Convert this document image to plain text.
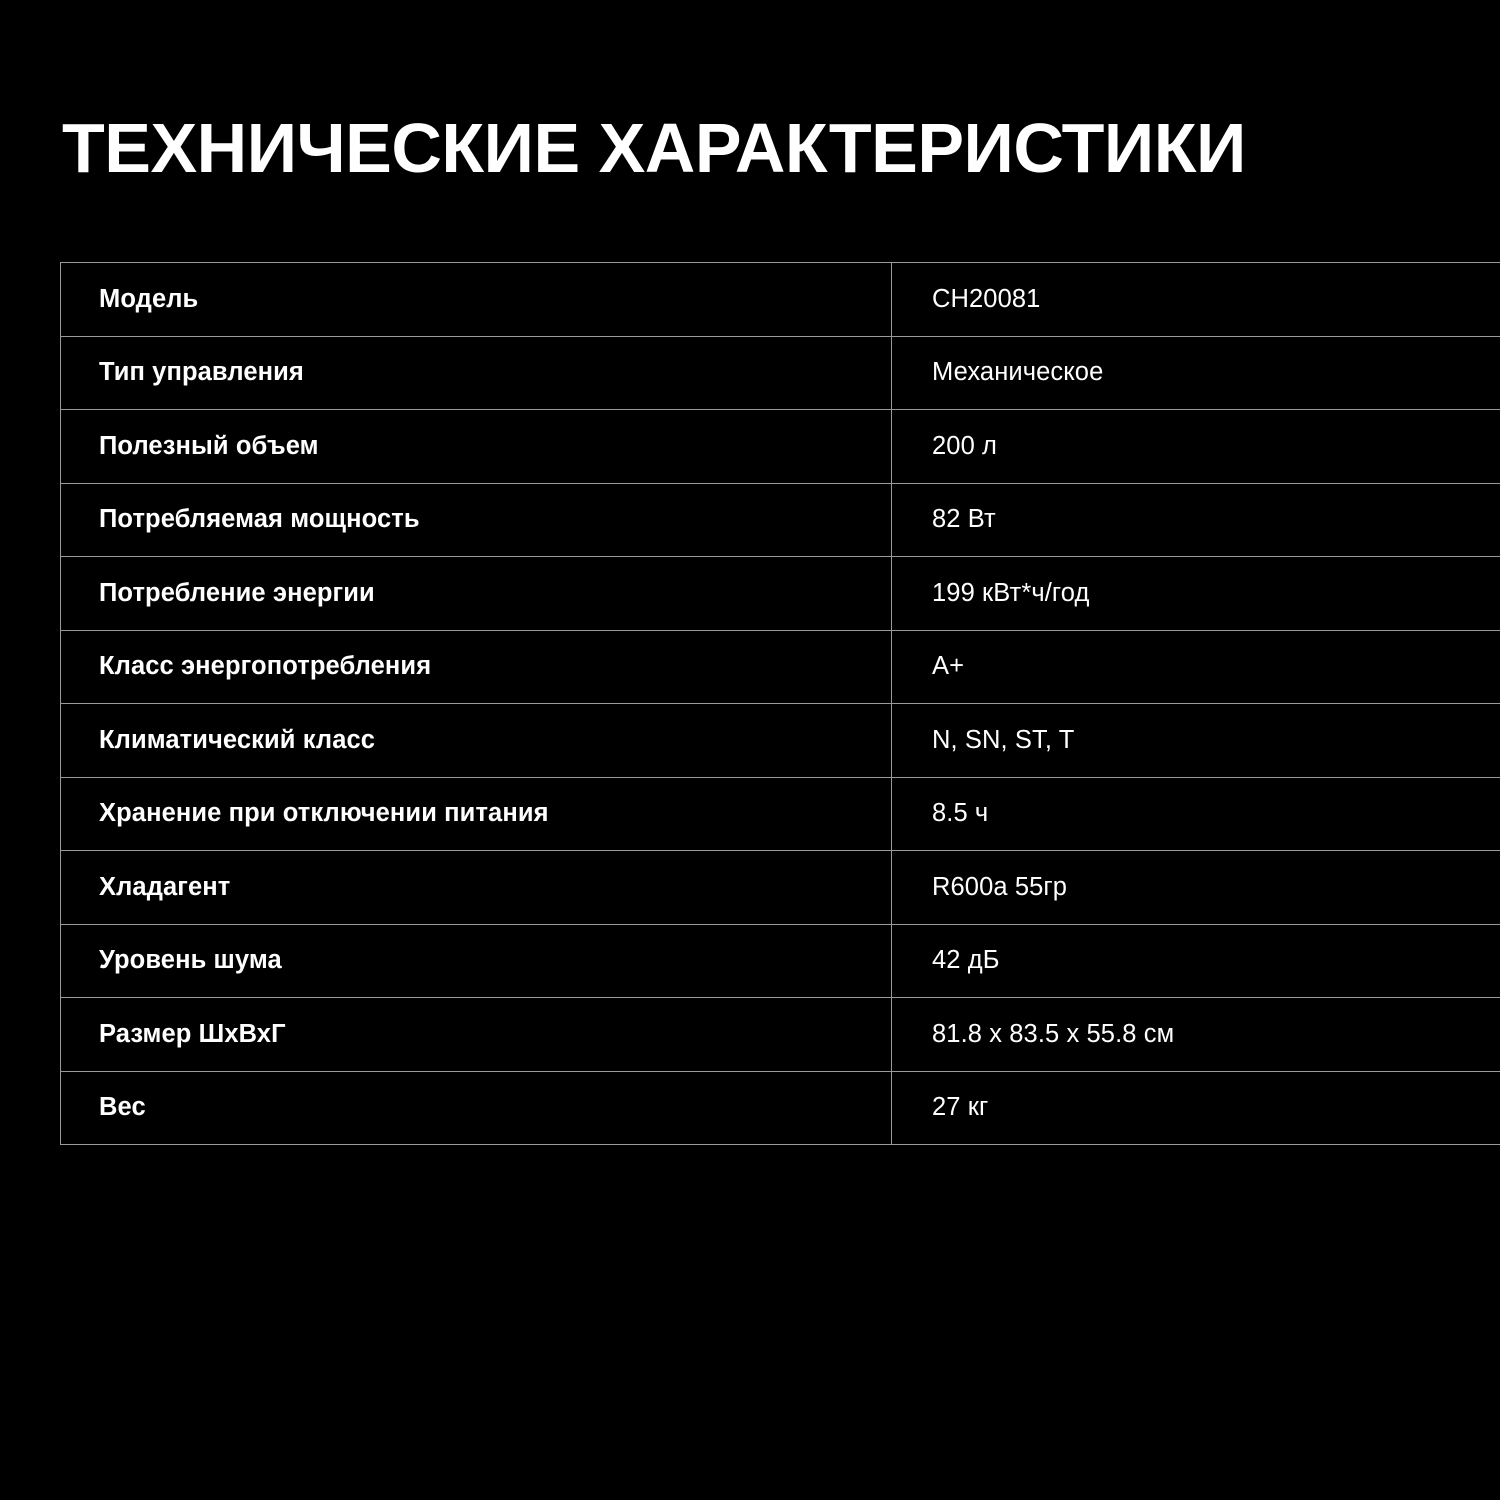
ТЕХНИЧЕСКИЕ ХАРАКТЕРИСТИКИ
Модель	CH20081
Тип управления	Механическое
Полезный объем	200 л
Потребляемая мощность	82 Вт
Потребление энергии	199 кВт*ч/год
Класс энергопотребления	A+
Климатический класс	N, SN, ST, T
Хранение при отключении питания	8.5 ч
Хладагент	R600a 55гр
Уровень шума	42 дБ
Размер ШхВхГ	81.8 x 83.5 x 55.8 см
Вес	27 кг
